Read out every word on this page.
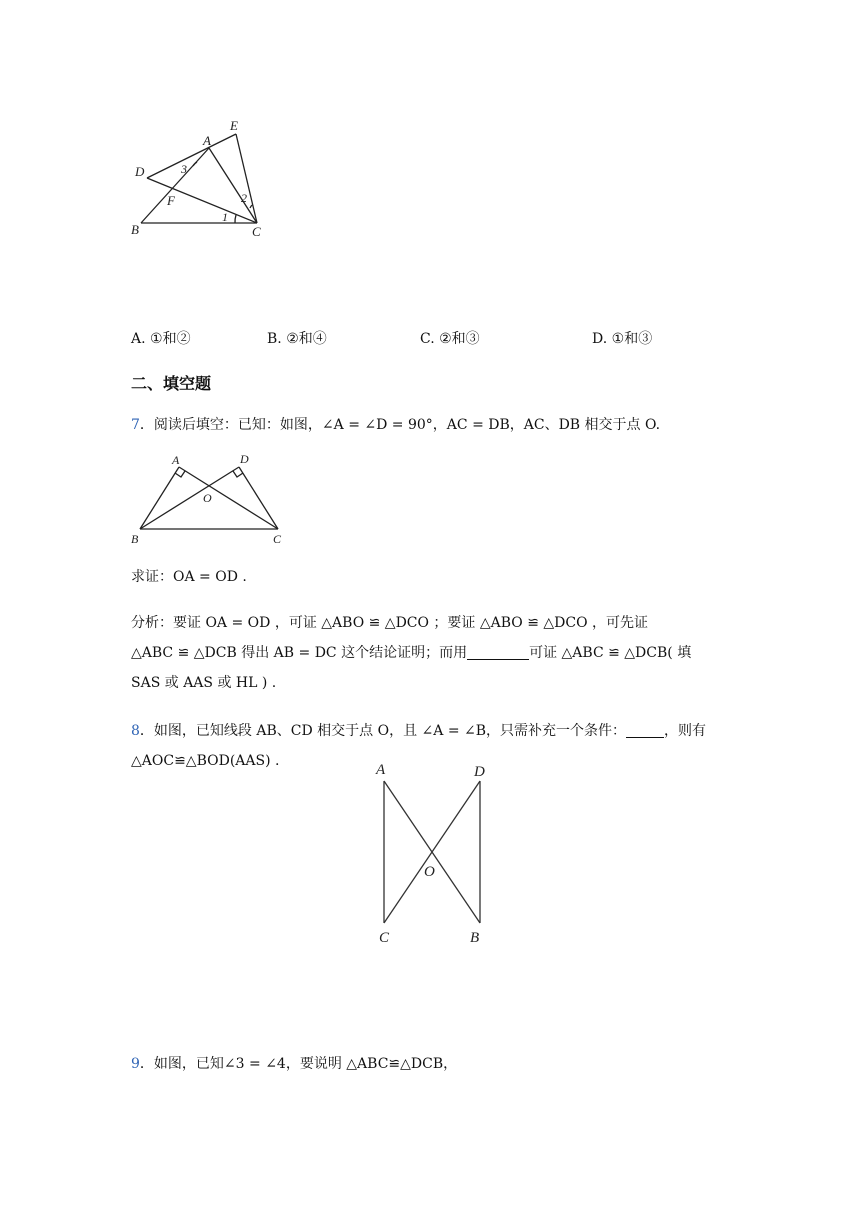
A
E
D
F
B	C
1
2
3
A. ①和②	B. ②和④	C. ②和③	D. ①和③
二、填空题
7．阅读后填空：已知：如图，∠A = ∠D = 90°，AC = DB，AC、DB 相交于点 O.
A	D
O
B	C
求证：OA = OD .
分析：要证 OA = OD ，可证 △ABO ≌ △DCO ；要证 △ABO ≌ △DCO ，可先证
△ABC ≌ △DCB 得出 AB = DC 这个结论证明；而用	可证 △ABC ≌ △DCB( 填
SAS 或 AAS 或 HL ) .
8．如图，已知线段 AB、CD 相交于点 O，且 ∠A = ∠B，只需补充一个条件：	，则有
△AOC≌△BOD(AAS) .
A	D
O
C	B
9．如图，已知∠3 = ∠4，要说明 △ABC≌△DCB，
